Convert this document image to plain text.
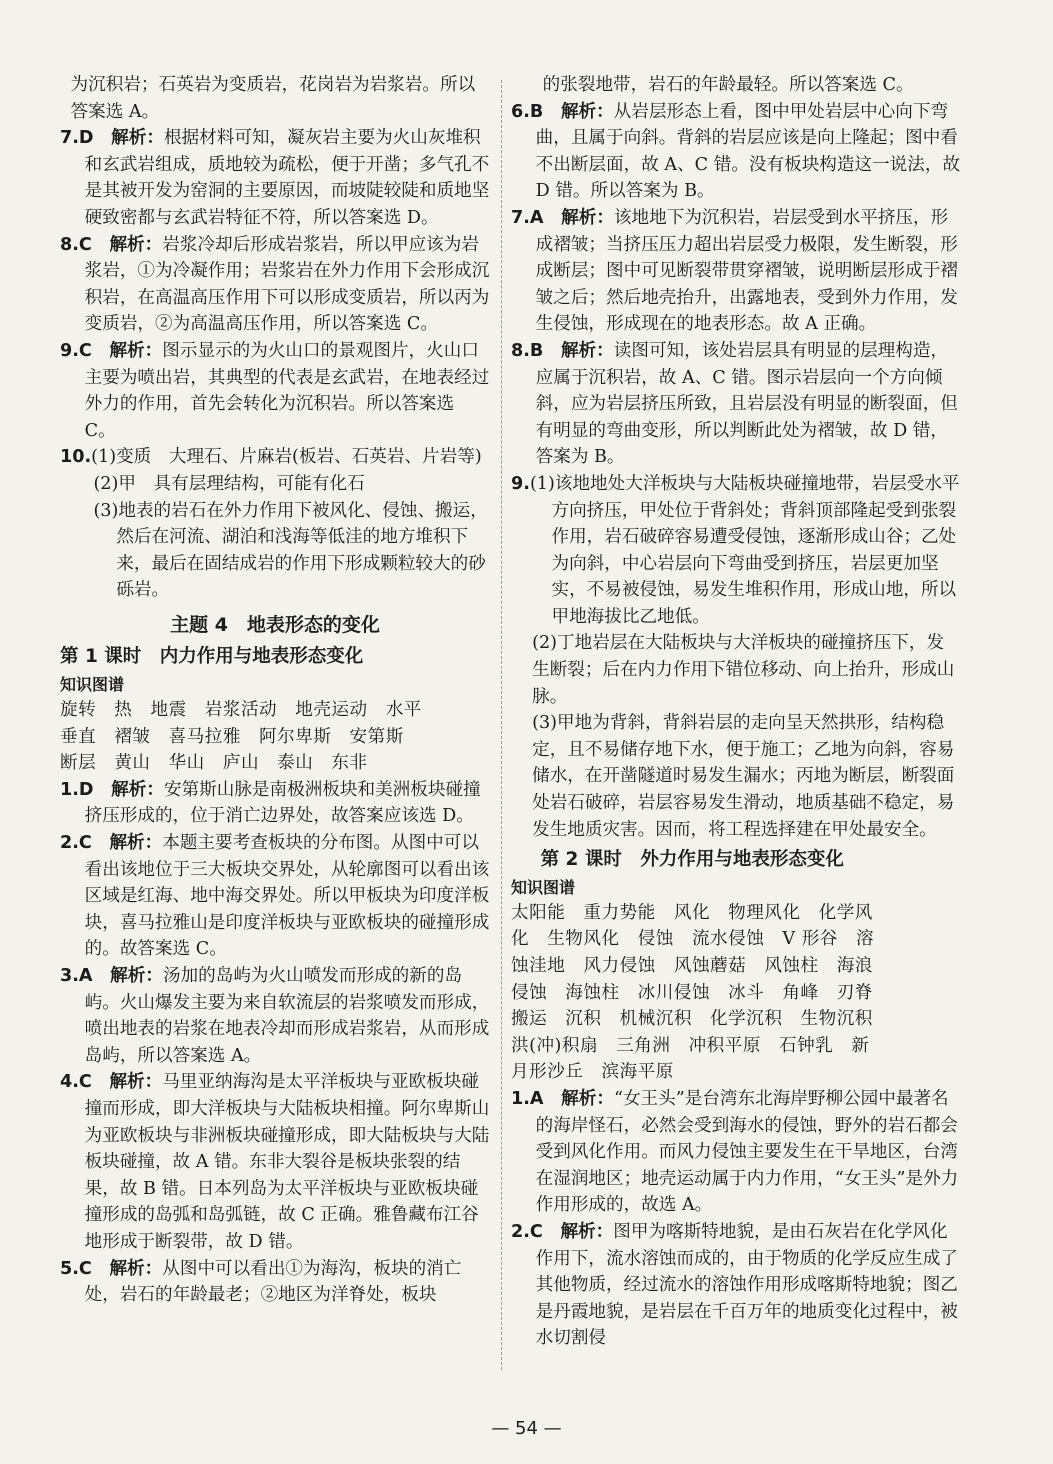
为沉积岩；石英岩为变质岩，花岗岩为岩浆岩。所以答案选 A。

7.D　 解析：根据材料可知，凝灰岩主要为火山灰堆积和玄武岩组成，质地较为疏松，便于开凿；多气孔不是其被开发为窑洞的主要原因，而坡陡较陡和质地坚硬致密都与玄武岩特征不符，所以答案选 D。

8.C　 解析：岩浆冷却后形成岩浆岩，所以甲应该为岩浆岩，①为冷凝作用；岩浆岩在外力作用下会形成沉积岩，在高温高压作用下可以形成变质岩，所以丙为变质岩，②为高温高压作用，所以答案选 C。

9.C　 解析：图示显示的为火山口的景观图片，火山口主要为喷出岩，其典型的代表是玄武岩，在地表经过外力的作用，首先会转化为沉积岩。所以答案选 C。

10.(1)变质　大理石、片麻岩(板岩、石英岩、片岩等)

(2)甲　具有层理结构，可能有化石

(3)地表的岩石在外力作用下被风化、侵蚀、搬运，然后在河流、湖泊和浅海等低洼的地方堆积下来，最后在固结成岩的作用下形成颗粒较大的砂砾岩。

主题 4　地表形态的变化
第 1 课时　内力作用与地表形态变化
知识图谱

旋转　热　地震　岩浆活动　地壳运动　水平

垂直　褶皱　喜马拉雅　阿尔卑斯　安第斯

断层　黄山　华山　庐山　泰山　东非

1.D　 解析：安第斯山脉是南极洲板块和美洲板块碰撞挤压形成的，位于消亡边界处，故答案应该选 D。

2.C　 解析：本题主要考查板块的分布图。从图中可以看出该地位于三大板块交界处，从轮廓图可以看出该区域是红海、地中海交界处。所以甲板块为印度洋板块，喜马拉雅山是印度洋板块与亚欧板块的碰撞形成的。故答案选 C。

3.A　 解析：汤加的岛屿为火山喷发而形成的新的岛屿。火山爆发主要为来自软流层的岩浆喷发而形成，喷出地表的岩浆在地表冷却而形成岩浆岩，从而形成岛屿，所以答案选 A。

4.C　 解析：马里亚纳海沟是太平洋板块与亚欧板块碰撞而形成，即大洋板块与大陆板块相撞。阿尔卑斯山为亚欧板块与非洲板块碰撞形成，即大陆板块与大陆板块碰撞，故 A 错。东非大裂谷是板块张裂的结果，故 B 错。日本列岛为太平洋板块与亚欧板块碰撞形成的岛弧和岛弧链，故 C 正确。雅鲁藏布江谷地形成于断裂带，故 D 错。

5.C　 解析：从图中可以看出①为海沟，板块的消亡处，岩石的年龄最老；②地区为洋脊处，板块

的张裂地带，岩石的年龄最轻。所以答案选 C。

6.B　 解析：从岩层形态上看，图中甲处岩层中心向下弯曲，且属于向斜。背斜的岩层应该是向上隆起；图中看不出断层面，故 A、C 错。没有板块构造这一说法，故 D 错。所以答案为 B。

7.A　 解析：该地地下为沉积岩，岩层受到水平挤压，形成褶皱；当挤压压力超出岩层受力极限，发生断裂，形成断层；图中可见断裂带贯穿褶皱，说明断层形成于褶皱之后；然后地壳抬升，出露地表，受到外力作用，发生侵蚀，形成现在的地表形态。故 A 正确。

8.B　 解析：读图可知，该处岩层具有明显的层理构造，应属于沉积岩，故 A、C 错。图示岩层向一个方向倾斜，应为岩层挤压所致，且岩层没有明显的断裂面，但有明显的弯曲变形，所以判断此处为褶皱，故 D 错，答案为 B。

9.(1)该地地处大洋板块与大陆板块碰撞地带，岩层受水平方向挤压，甲处位于背斜处；背斜顶部隆起受到张裂作用，岩石破碎容易遭受侵蚀，逐渐形成山谷；乙处为向斜，中心岩层向下弯曲受到挤压，岩层更加坚实，不易被侵蚀，易发生堆积作用，形成山地，所以甲地海拔比乙地低。

(2)丁地岩层在大陆板块与大洋板块的碰撞挤压下，发生断裂；后在内力作用下错位移动、向上抬升，形成山脉。

(3)甲地为背斜，背斜岩层的走向呈天然拱形，结构稳定，且不易储存地下水，便于施工；乙地为向斜，容易储水，在开凿隧道时易发生漏水；丙地为断层，断裂面处岩石破碎，岩层容易发生滑动，地质基础不稳定，易发生地质灾害。因而，将工程选择建在甲处最安全。

第 2 课时　外力作用与地表形态变化
知识图谱

太阳能　重力势能　风化　物理风化　化学风

化　生物风化　侵蚀　流水侵蚀　V 形谷　溶

蚀洼地　风力侵蚀　风蚀蘑菇　风蚀柱　海浪

侵蚀　海蚀柱　冰川侵蚀　冰斗　角峰　刃脊

搬运　沉积　机械沉积　化学沉积　生物沉积

洪(冲)积扇　三角洲　冲积平原　石钟乳　新

月形沙丘　滨海平原

1.A　 解析：“女王头”是台湾东北海岸野柳公园中最著名的海岸怪石，必然会受到海水的侵蚀，野外的岩石都会受到风化作用。而风力侵蚀主要发生在干旱地区，台湾在湿润地区；地壳运动属于内力作用，“女王头”是外力作用形成的，故选 A。

2.C　 解析：图甲为喀斯特地貌，是由石灰岩在化学风化作用下，流水溶蚀而成的，由于物质的化学反应生成了其他物质，经过流水的溶蚀作用形成喀斯特地貌；图乙是丹霞地貌，是岩层在千百万年的地质变化过程中，被水切割侵

— 54 —
